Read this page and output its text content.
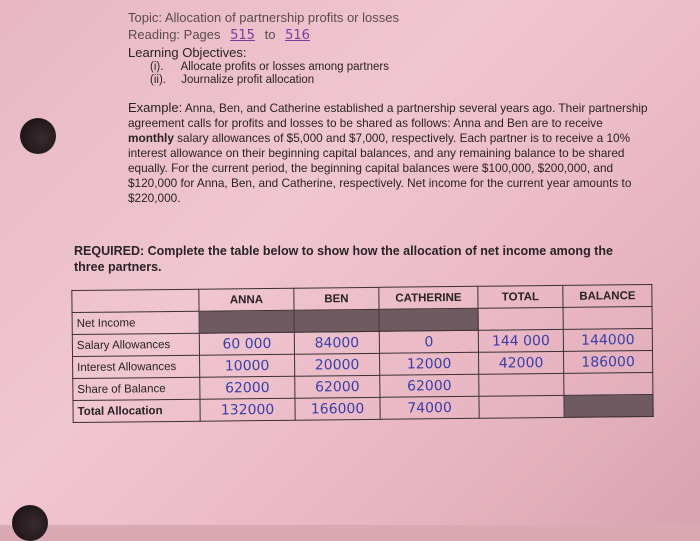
Topic: Allocation of partnership profits or losses
Reading: Pages 515 to 516
Learning Objectives:
(i). Allocate profits or losses among partners
(ii). Journalize profit allocation
Example: Anna, Ben, and Catherine established a partnership several years ago. Their partnership agreement calls for profits and losses to be shared as follows: Anna and Ben are to receive monthly salary allowances of $5,000 and $7,000, respectively. Each partner is to receive a 10% interest allowance on their beginning capital balances, and any remaining balance to be shared equally. For the current period, the beginning capital balances were $100,000, $200,000, and $120,000 for Anna, Ben, and Catherine, respectively. Net income for the current year amounts to $220,000.
REQUIRED: Complete the table below to show how the allocation of net income among the three partners.
	ANNA	BEN	CATHERINE	TOTAL	BALANCE
Net Income					
Salary Allowances	60 000	84000	0	144 000	144000
Interest Allowances	10000	20000	12000	42000	186000
Share of Balance	62000	62000	62000		
Total Allocation	132000	166000	74000		
